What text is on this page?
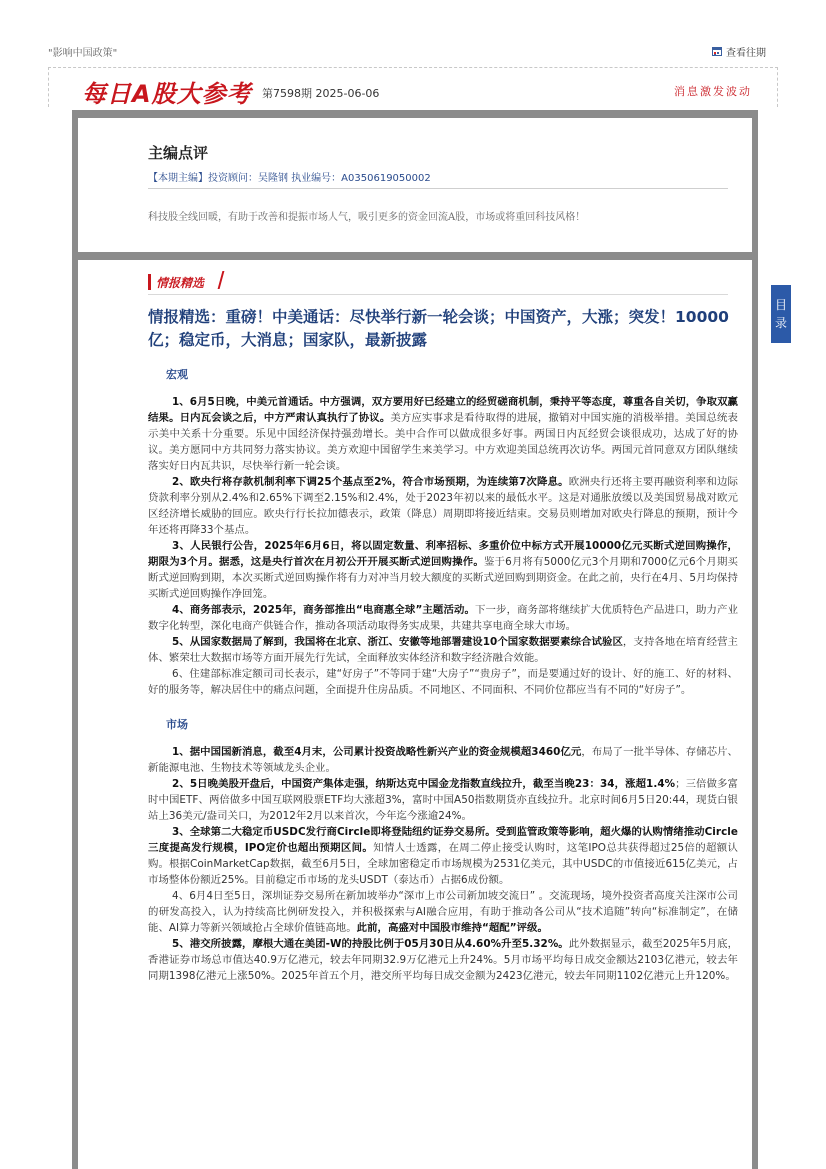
"影响中国政策"	查看往期
每日A股大参考 第7598期 2025-06-06	消息激发波动
主编点评
【本期主编】投资顾问：吴隆钢 执业编号：A0350619050002
科技股全线回暖，有助于改善和提振市场人气，吸引更多的资金回流A股，市场或将重回科技风格！
情报精选
情报精选：重磅！中美通话：尽快举行新一轮会谈；中国资产，大涨；突发！10000亿；稳定币，大消息；国家队，最新披露
宏观
1、6月5日晚，中美元首通话。中方强调，双方要用好已经建立的经贸磋商机制，秉持平等态度，尊重各自关切，争取双赢结果。日内瓦会谈之后，中方严肃认真执行了协议。美方应实事求是看待取得的进展，撤销对中国实施的消极举措。美国总统表示美中关系十分重要。乐见中国经济保持强劲增长。美中合作可以做成很多好事。两国日内瓦经贸会谈很成功，达成了好的协议。美方愿同中方共同努力落实协议。美方欢迎中国留学生来美学习。中方欢迎美国总统再次访华。两国元首同意双方团队继续落实好日内瓦共识，尽快举行新一轮会谈。
2、欧央行将存款机制利率下调25个基点至2%，符合市场预期，为连续第7次降息。欧洲央行还将主要再融资利率和边际贷款利率分别从2.4%和2.65%下调至2.15%和2.4%，处于2023年初以来的最低水平。这是对通胀放缓以及美国贸易战对欧元区经济增长威胁的回应。欧央行行长拉加德表示，政策（降息）周期即将接近结束。交易员则增加对欧央行降息的预期，预计今年还将再降33个基点。
3、人民银行公告，2025年6月6日，将以固定数量、利率招标、多重价位中标方式开展10000亿元买断式逆回购操作，期限为3个月。据悉，这是央行首次在月初公开开展买断式逆回购操作。鉴于6月将有5000亿元3个月期和7000亿元6个月期买断式逆回购到期，本次买断式逆回购操作将有力对冲当月较大额度的买断式逆回购到期资金。在此之前，央行在4月、5月均保持买断式逆回购操作净回笼。
4、商务部表示，2025年，商务部推出“电商惠全球”主题活动。下一步，商务部将继续扩大优质特色产品进口，助力产业数字化转型，深化电商产供链合作，推动各项活动取得务实成果，共建共享电商全球大市场。
5、从国家数据局了解到，我国将在北京、浙江、安徽等地部署建设10个国家数据要素综合试验区，支持各地在培育经营主体、繁荣壮大数据市场等方面开展先行先试，全面释放实体经济和数字经济融合效能。
6、住建部标准定额司司长表示，建“好房子”不等同于建“大房子”“贵房子”，而是要通过好的设计、好的施工、好的材料、好的服务等，解决居住中的痛点问题，全面提升住房品质。不同地区、不同面积、不同价位都应当有不同的“好房子”。
市场
1、据中国国新消息，截至4月末，公司累计投资战略性新兴产业的资金规模超3460亿元，布局了一批半导体、存储芯片、新能源电池、生物技术等领域龙头企业。
2、5日晚美股开盘后，中国资产集体走强，纳斯达克中国金龙指数直线拉升，截至当晚23：34，涨超1.4%；三倍做多富时中国ETF、两倍做多中国互联网股票ETF均大涨超3%，富时中国A50指数期货亦直线拉升。北京时间6月5日20:44，现货白银站上36美元/盎司关口，为2012年2月以来首次，今年迄今涨逾24%。
3、全球第二大稳定币USDC发行商Circle即将登陆纽约证券交易所。受到监管政策等影响，超火爆的认购情绪推动Circle三度提高发行规模，IPO定价也超出预期区间。知情人士透露，在周二停止接受认购时，这笔IPO总共获得超过25倍的超额认购。根据CoinMarketCap数据，截至6月5日，全球加密稳定币市场规模为2531亿美元，其中USDC的市值接近615亿美元，占市场整体份额近25%。目前稳定币市场的龙头USDT（泰达币）占据6成份额。
4、6月4日至5日，深圳证券交易所在新加坡举办“深市上市公司新加坡交流日” 。交流现场，境外投资者高度关注深市公司的研发高投入，认为持续高比例研发投入，并积极探索与AI融合应用，有助于推动各公司从“技术追随”转向“标准制定”，在储能、AI算力等新兴领域抢占全球价值链高地。此前，高盛对中国股市维持“超配”评级。
5、港交所披露，摩根大通在美团-W的持股比例于05月30日从4.60%升至5.32%。此外数据显示，截至2025年5月底，香港证券市场总市值达40.9万亿港元，较去年同期32.9万亿港元上升24%。5月市场平均每日成交金额达2103亿港元，较去年同期1398亿港元上涨50%。2025年首五个月，港交所平均每日成交金额为2423亿港元，较去年同期1102亿港元上升120%。
目
录
